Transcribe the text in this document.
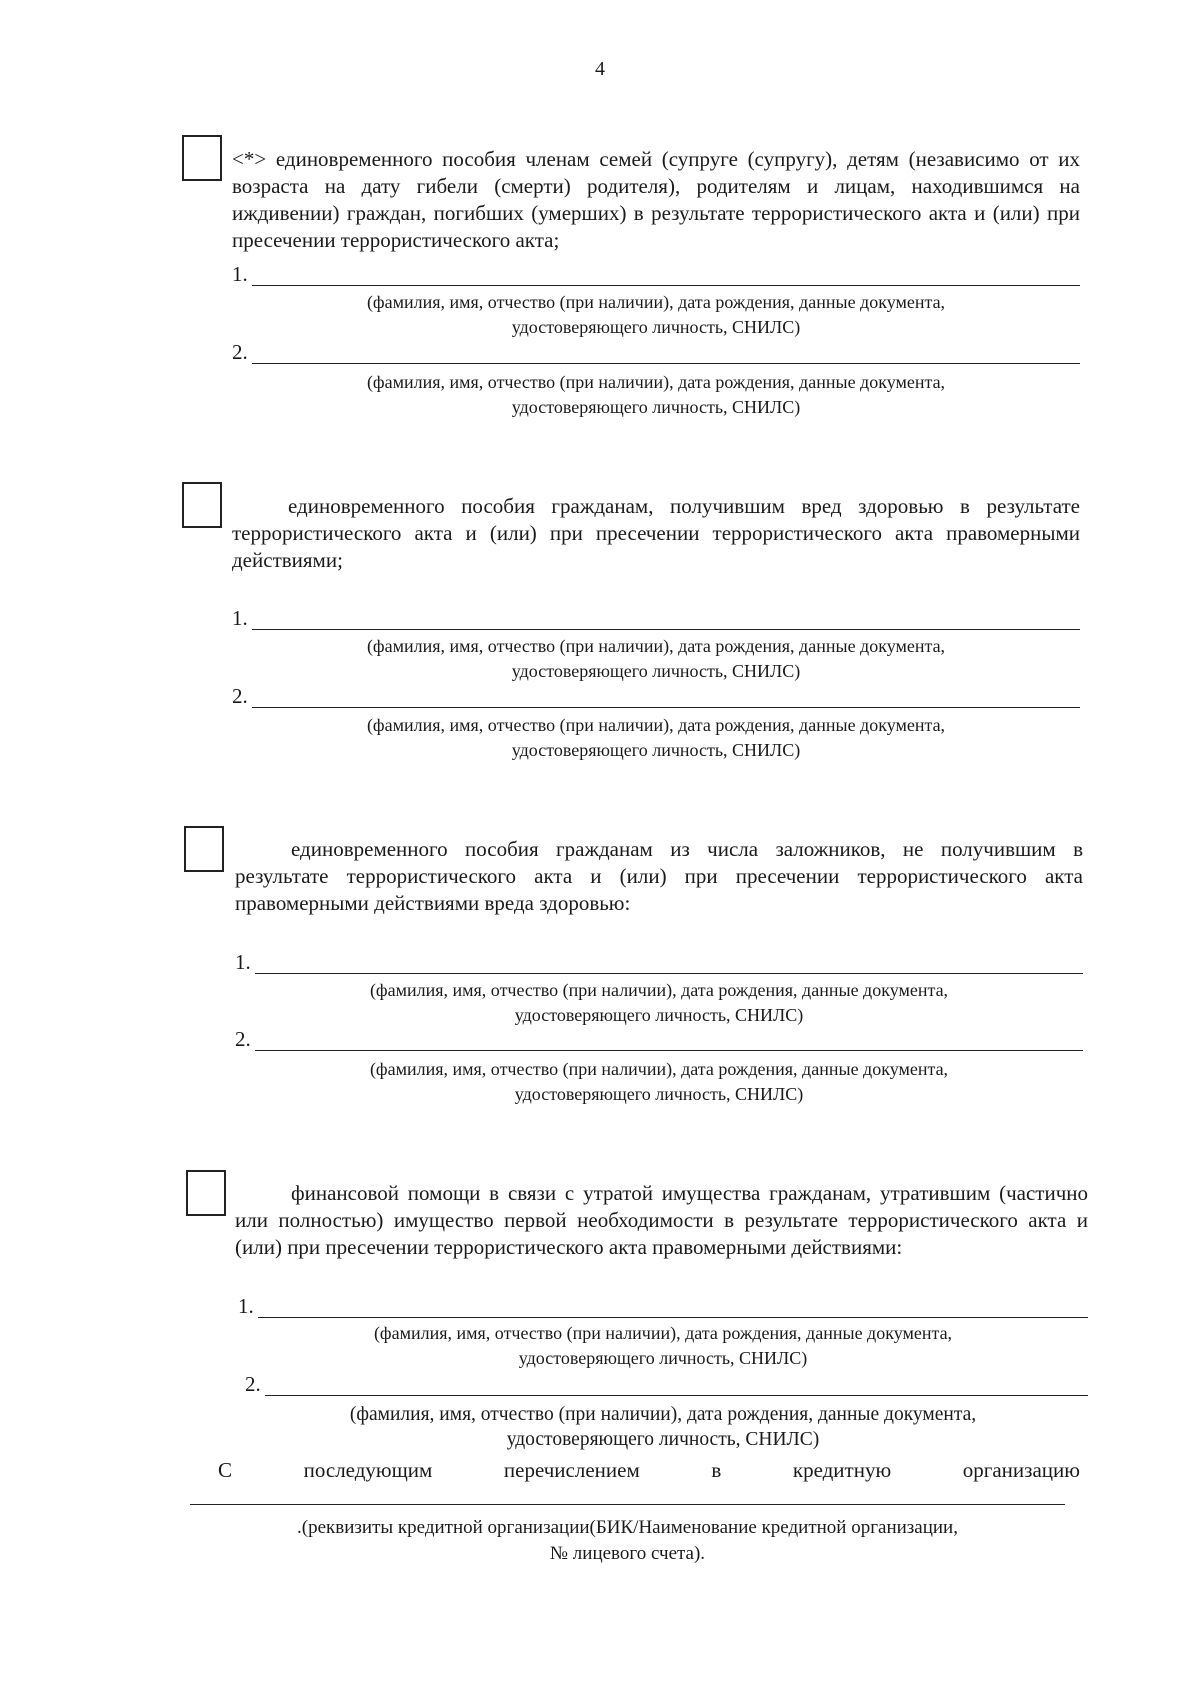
4
<*> единовременного пособия членам семей (супруге (супругу), детям (независимо от их возраста на дату гибели (смерти) родителя), родителям и лицам, находившимся на иждивении) граждан, погибших (умерших) в результате террористического акта и (или) при пресечении террористического акта;
1.
(фамилия, имя, отчество (при наличии), дата рождения, данные документа,
удостоверяющего личность, СНИЛС)
2.
(фамилия, имя, отчество (при наличии), дата рождения, данные документа,
удостоверяющего личность, СНИЛС)
единовременного пособия гражданам, получившим вред здоровью в результате террористического акта и (или) при пресечении террористического акта правомерными действиями;
1.
(фамилия, имя, отчество (при наличии), дата рождения, данные документа,
удостоверяющего личность, СНИЛС)
2.
(фамилия, имя, отчество (при наличии), дата рождения, данные документа,
удостоверяющего личность, СНИЛС)
единовременного пособия гражданам из числа заложников, не получившим в результате террористического акта и (или) при пресечении террористического акта правомерными действиями вреда здоровью:
1.
(фамилия, имя, отчество (при наличии), дата рождения, данные документа,
удостоверяющего личность, СНИЛС)
2.
(фамилия, имя, отчество (при наличии), дата рождения, данные документа,
удостоверяющего личность, СНИЛС)
финансовой помощи в связи с утратой имущества гражданам, утратившим (частично или полностью) имущество первой необходимости в результате террористического акта и (или) при пресечении террористического акта правомерными действиями:
1.
(фамилия, имя, отчество (при наличии), дата рождения, данные документа,
удостоверяющего личность, СНИЛС)
2.
(фамилия, имя, отчество (при наличии), дата рождения, данные документа,
удостоверяющего личность, СНИЛС)
С	последующим	перечислением	в	кредитную	организацию
.(реквизиты кредитной организации(БИК/Наименование кредитной организации,
№ лицевого счета).
